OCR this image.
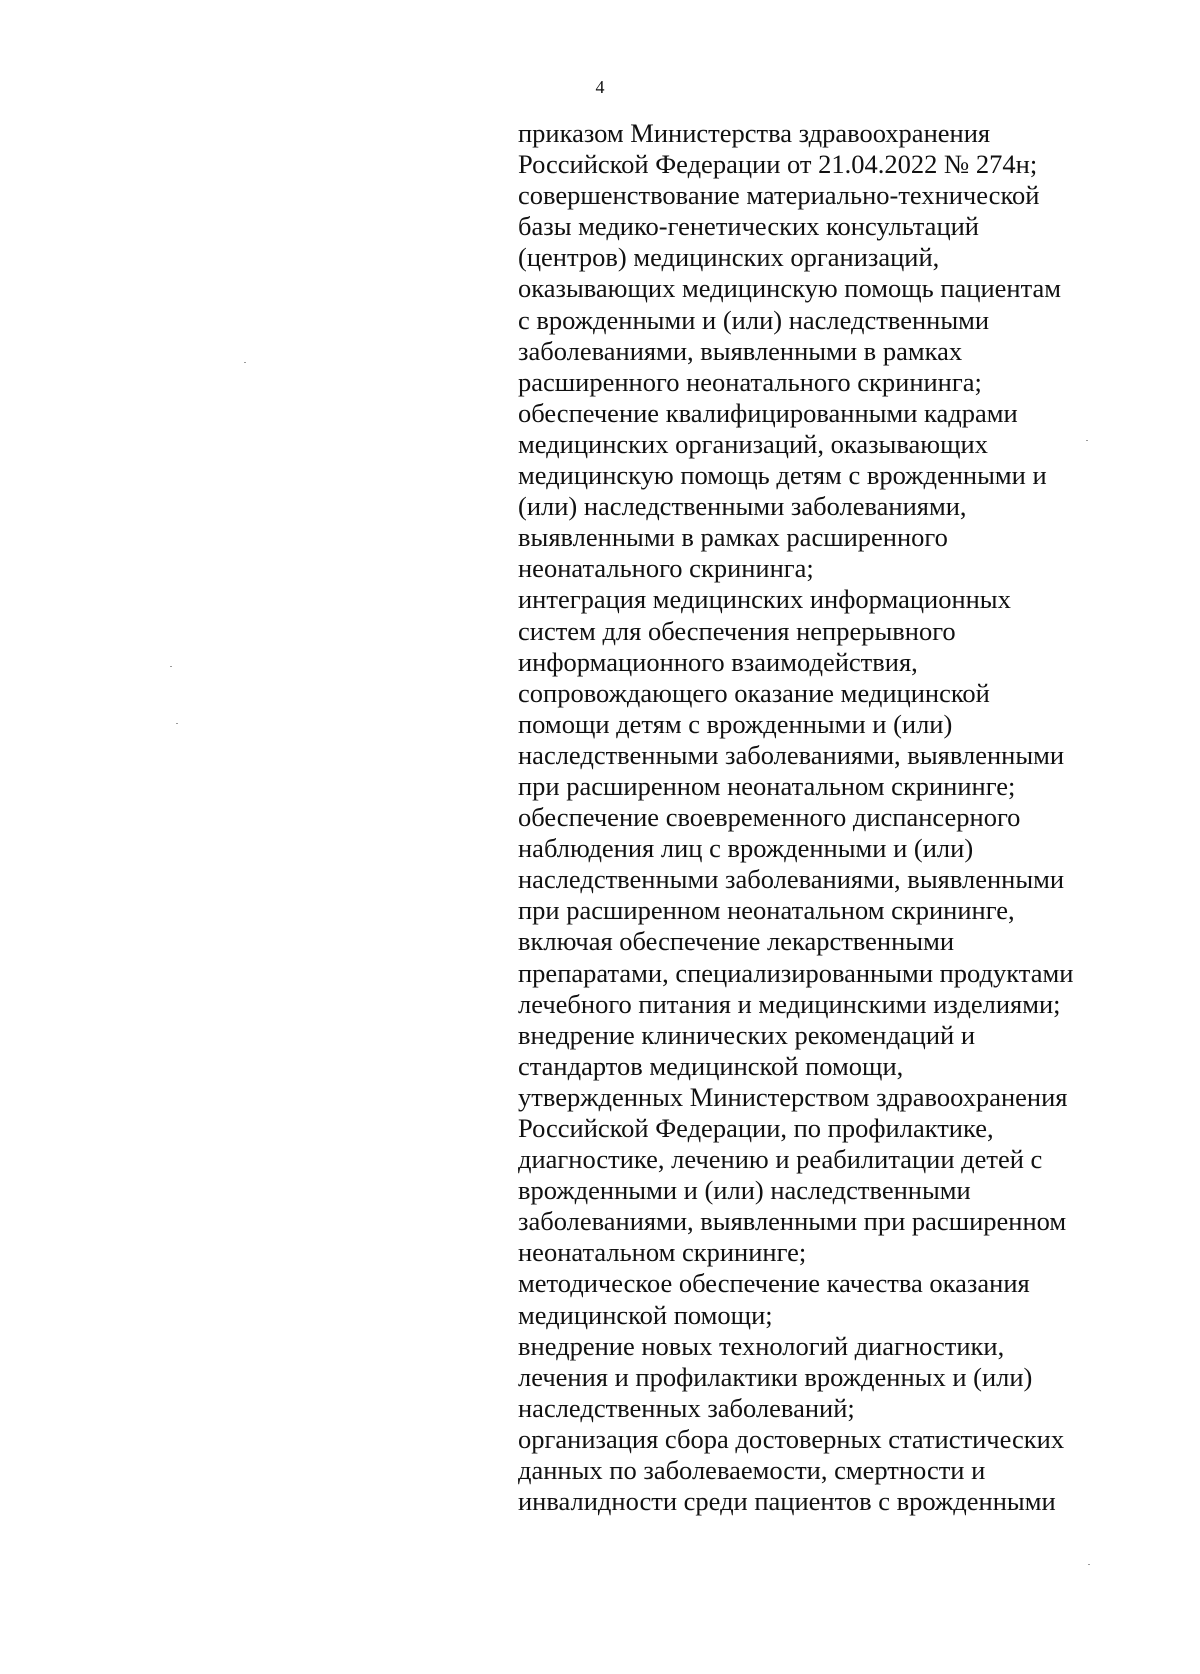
4
приказом Министерства здравоохранения
Российской Федерации от 21.04.2022 № 274н;
совершенствование материально-технической
базы медико-генетических консультаций
(центров) медицинских организаций,
оказывающих медицинскую помощь пациентам
с врожденными и (или) наследственными
заболеваниями, выявленными в рамках
расширенного неонатального скрининга;
обеспечение квалифицированными кадрами
медицинских организаций, оказывающих
медицинскую помощь детям с врожденными и
(или) наследственными заболеваниями,
выявленными в рамках расширенного
неонатального скрининга;
интеграция медицинских информационных
систем для обеспечения непрерывного
информационного взаимодействия,
сопровождающего оказание медицинской
помощи детям с врожденными и (или)
наследственными заболеваниями, выявленными
при расширенном неонатальном скрининге;
обеспечение своевременного диспансерного
наблюдения лиц с врожденными и (или)
наследственными заболеваниями, выявленными
при расширенном неонатальном скрининге,
включая обеспечение лекарственными
препаратами, специализированными продуктами
лечебного питания и медицинскими изделиями;
внедрение клинических рекомендаций и
стандартов медицинской помощи,
утвержденных Министерством здравоохранения
Российской Федерации, по профилактике,
диагностике, лечению и реабилитации детей с
врожденными и (или) наследственными
заболеваниями, выявленными при расширенном
неонатальном скрининге;
методическое обеспечение качества оказания
медицинской помощи;
внедрение новых технологий диагностики,
лечения и профилактики врожденных и (или)
наследственных заболеваний;
организация сбора достоверных статистических
данных по заболеваемости, смертности и
инвалидности среди пациентов с врожденными
